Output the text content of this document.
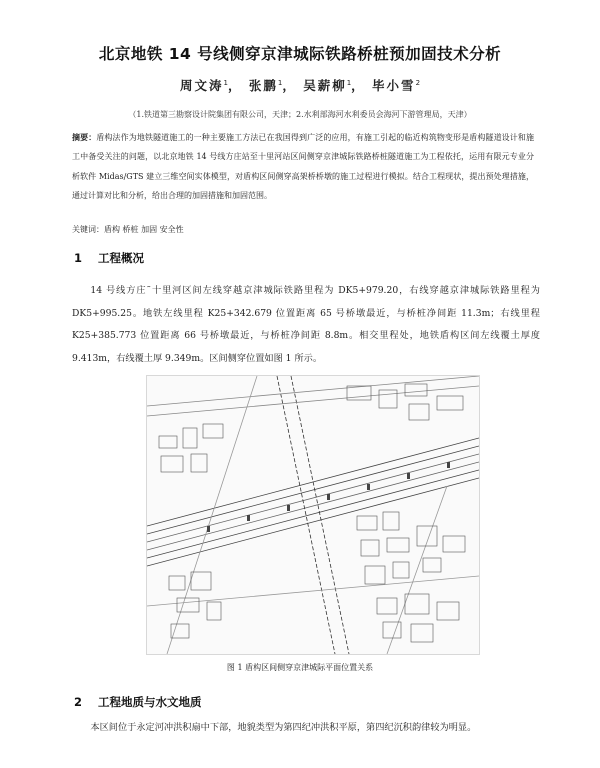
北京地铁 14 号线侧穿京津城际铁路桥桩预加固技术分析
周文涛$^1$， 张鹏$^1$， 吴薪柳$^1$， 毕小雪$^2$
（1.铁道第三勘察设计院集团有限公司，天津；2.水利部海河水利委员会海河下游管理局，天津）
摘要：盾构法作为地铁隧道施工的一种主要施工方法已在我国得到广泛的应用，有施工引起的临近构筑物变形是盾构隧道设计和施工中备受关注的问题，以北京地铁 14 号线方庄站至十里河站区间侧穿京津城际铁路桥桩隧道施工为工程依托，运用有限元专业分析软件 Midas/GTS 建立三维空间实体模型，对盾构区间侧穿高架桥桥墩的施工过程进行模拟。结合工程现状，提出预处理措施，通过计算对比和分析，给出合理的加固措施和加固范围。
关键词：盾构 桥桩 加固 安全性
1 工程概况
14 号线方庄˜十里河区间左线穿越京津城际铁路里程为 DK5+979.20，右线穿越京津城际铁路里程为 DK5+995.25。地铁左线里程 K25+342.679 位置距离 65 号桥墩最近，与桥桩净间距 11.3m；右线里程 K25+385.773 位置距离 66 号桥墩最近，与桥桩净间距 8.8m。相交里程处，地铁盾构区间左线覆土厚度 9.413m，右线覆土厚 9.349m。区间侧穿位置如图 1 所示。
图 1 盾构区间侧穿京津城际平面位置关系
2 工程地质与水文地质
本区间位于永定河冲洪积扇中下部，地貌类型为第四纪冲洪积平原，第四纪沉积韵律较为明显。
